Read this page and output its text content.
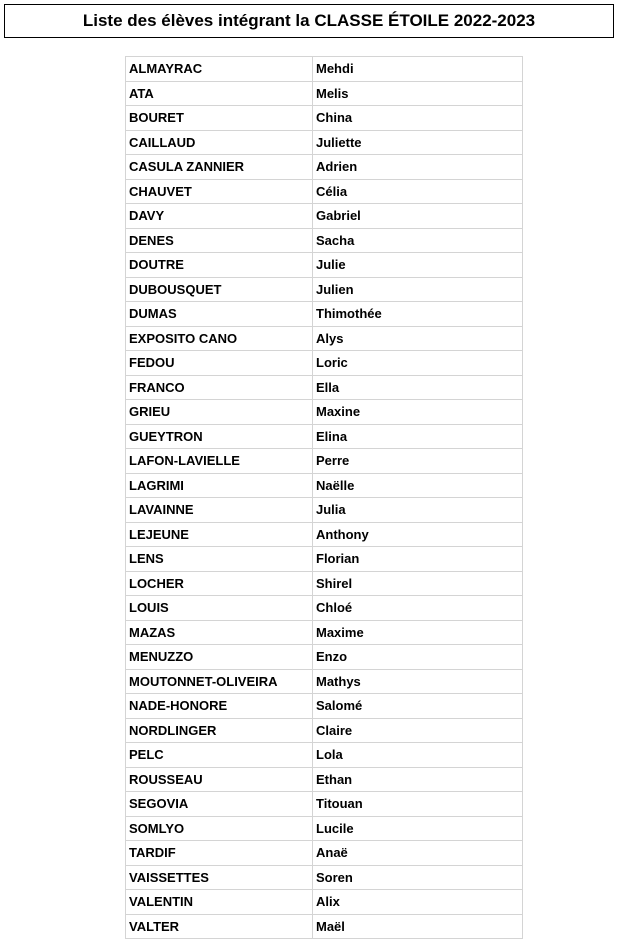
Liste des élèves intégrant la
CLASSE ÉTOILE 2022-2023
ALMAYRAC	Mehdi
ATA	Melis
BOURET	China
CAILLAUD	Juliette
CASULA ZANNIER	Adrien
CHAUVET	Célia
DAVY	Gabriel
DENES	Sacha
DOUTRE	Julie
DUBOUSQUET	Julien
DUMAS	Thimothée
EXPOSITO CANO	Alys
FEDOU	Loric
FRANCO	Ella
GRIEU	Maxine
GUEYTRON	Elina
LAFON-LAVIELLE	Perre
LAGRIMI	Naëlle
LAVAINNE	Julia
LEJEUNE	Anthony
LENS	Florian
LOCHER	Shirel
LOUIS	Chloé
MAZAS	Maxime
MENUZZO	Enzo
MOUTONNET-OLIVEIRA	Mathys
NADE-HONORE	Salomé
NORDLINGER	Claire
PELC	Lola
ROUSSEAU	Ethan
SEGOVIA	Titouan
SOMLYO	Lucile
TARDIF	Anaë
VAISSETTES	Soren
VALENTIN	Alix
VALTER	Maël
